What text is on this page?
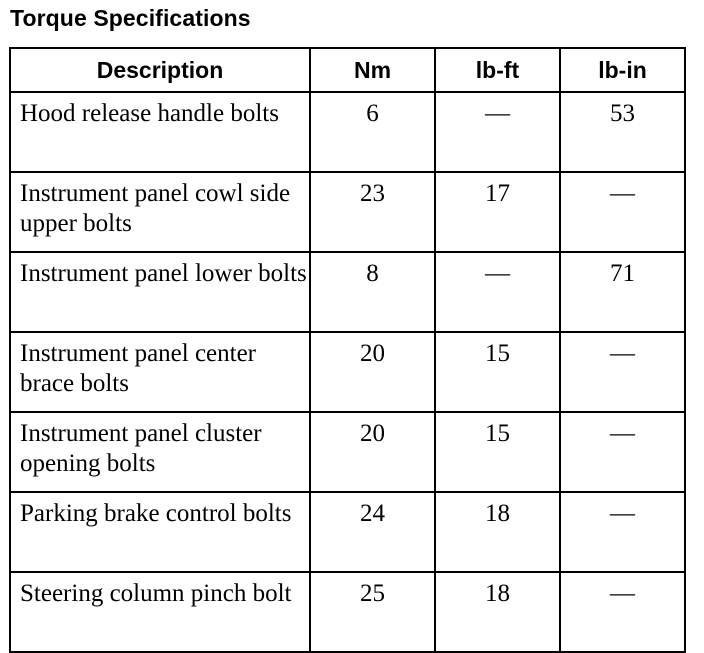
Torque Specifications
Description	Nm	lb-ft	lb-in
Hood release handle bolts	6	—	53
Instrument panel cowl side upper bolts	23	17	—
Instrument panel lower bolts	8	—	71
Instrument panel center brace bolts	20	15	—
Instrument panel cluster opening bolts	20	15	—
Parking brake control bolts	24	18	—
Steering column pinch bolt	25	18	—
